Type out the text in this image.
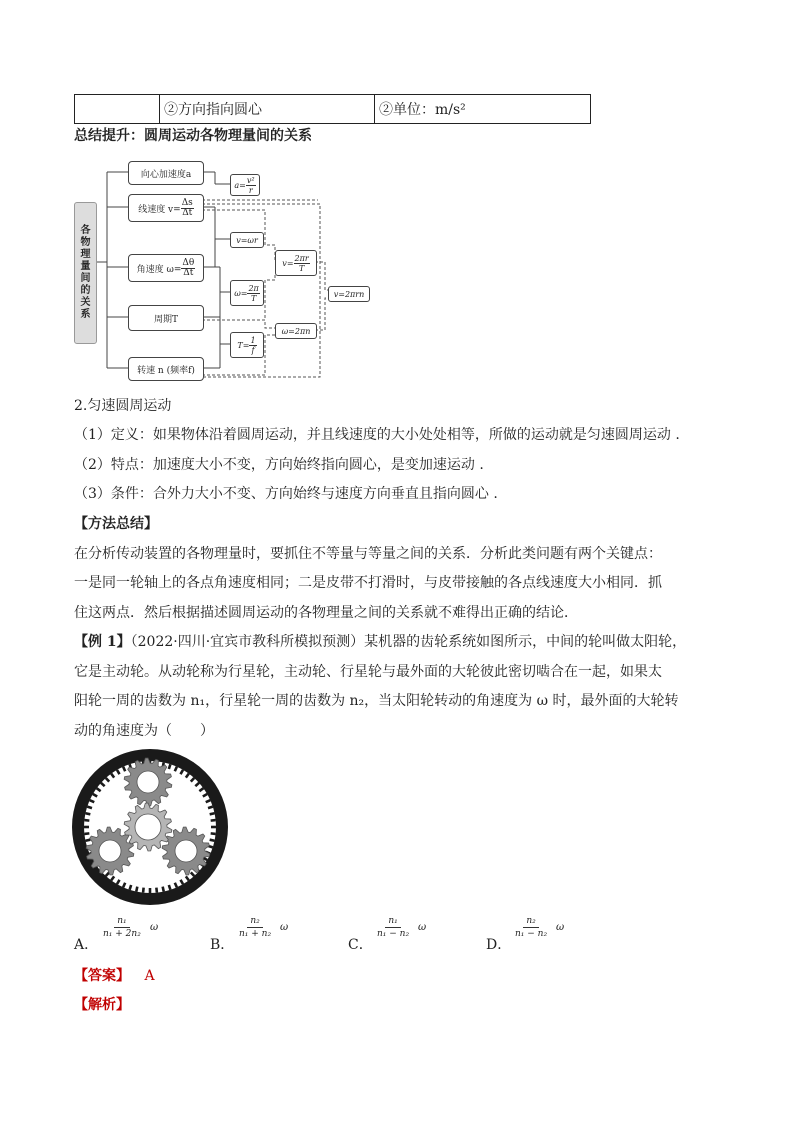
	②方向指向圆心	②单位：m/s²
总结提升：圆周运动各物理量间的关系
各
物
理
量
间
的
关
系
向心加速度a
线速度 $v= \frac{\Delta s}{\Delta t}$
角速度 $\omega= \frac{\Delta\theta}{\Delta t}$
周期T
转速 n (频率f)
$a= \frac{\text{v²}}{r}$
v=ωr
$\omega= \frac{2\pi}{T}$
$T= \frac{1}{f}$
$v= \frac{2\pi r}{T}$
ω=2πn
v=2πrn
2.匀速圆周运动
（1）定义：如果物体沿着圆周运动，并且线速度的大小处处相等，所做的运动就是匀速圆周运动 .
（2）特点：加速度大小不变，方向始终指向圆心，是变加速运动 .
（3）条件：合外力大小不变、方向始终与速度方向垂直且指向圆心 .
【方法总结】
在分析传动装置的各物理量时，要抓住不等量与等量之间的关系．分析此类问题有两个关键点：
一是同一轮轴上的各点角速度相同；二是皮带不打滑时，与皮带接触的各点线速度大小相同．抓
住这两点．然后根据描述圆周运动的各物理量之间的关系就不难得出正确的结论．
【例 1】（2022·四川·宜宾市教科所模拟预测）某机器的齿轮系统如图所示，中间的轮叫做太阳轮，
它是主动轮。从动轮称为行星轮，主动轮、行星轮与最外面的大轮彼此密切啮合在一起，如果太
阳轮一周的齿数为 n₁，行星轮一周的齿数为 n₂，当太阳轮转动的角速度为 ω 时，最外面的大轮转
动的角速度为（　　）
A．
$\frac{\text{n₁}}{\text{n₁ + 2n₂}}$ ω
B．
$\frac{\text{n₂}}{\text{n₁ + n₂}}$ ω
C．
$\frac{\text{n₁}}{\text{n₁ − n₂}}$ ω
D．
$\frac{\text{n₂}}{\text{n₁ − n₂}}$ ω
【答案】 A
【解析】
